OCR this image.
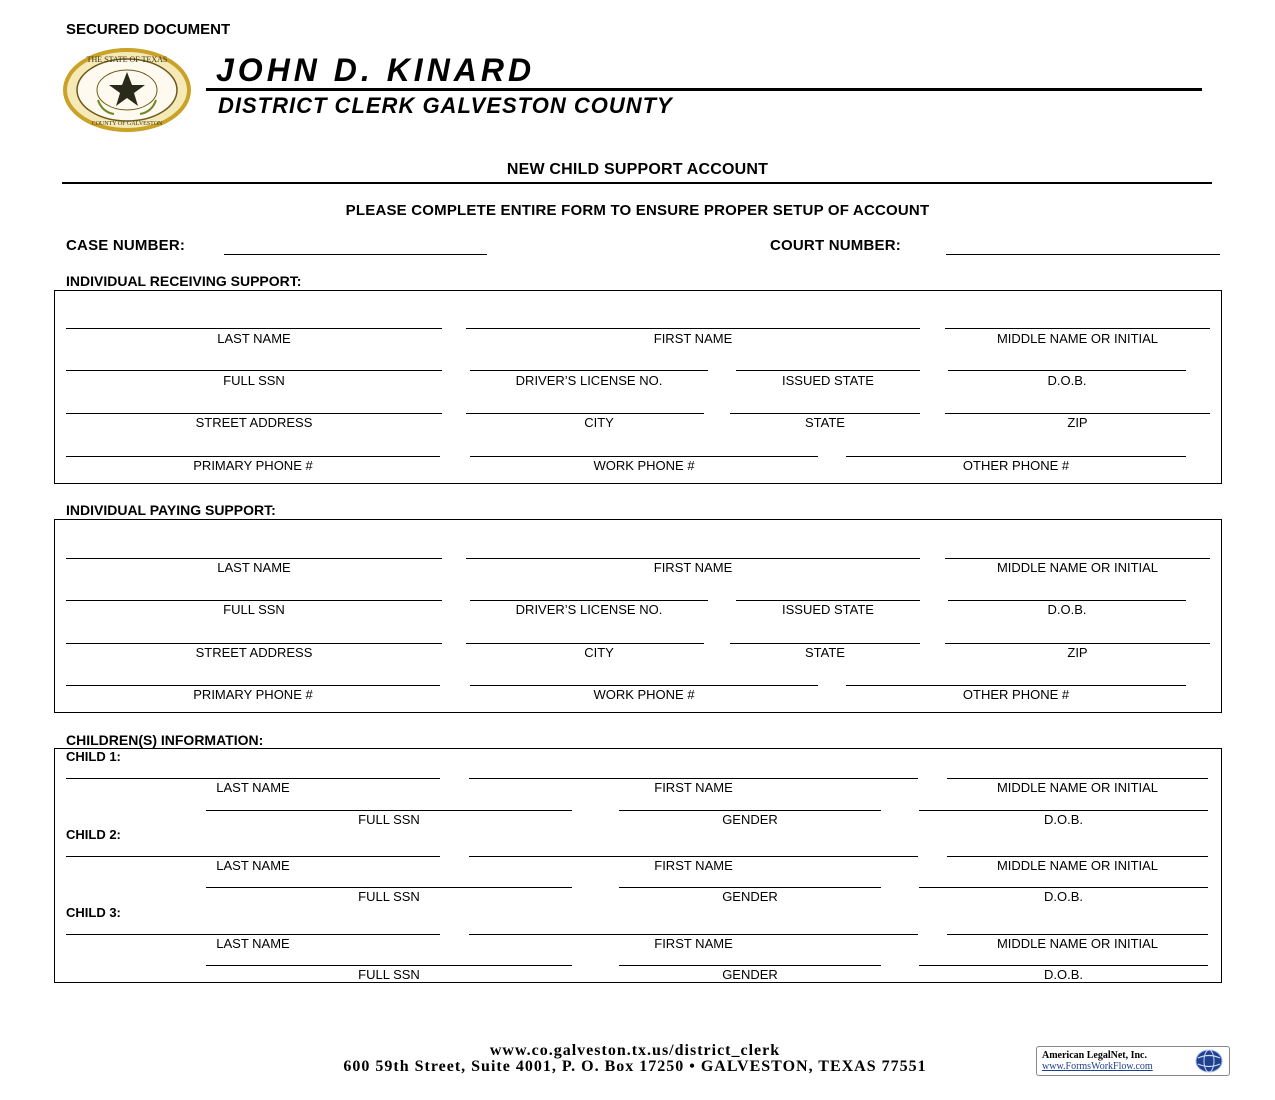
SECURED DOCUMENT
THE STATE OF TEXAS
COUNTY OF GALVESTON
JOHN D. KINARD
DISTRICT CLERK GALVESTON COUNTY
NEW CHILD SUPPORT ACCOUNT
PLEASE COMPLETE ENTIRE FORM TO ENSURE PROPER SETUP OF ACCOUNT
CASE NUMBER:	COURT NUMBER:
INDIVIDUAL RECEIVING SUPPORT:
LAST NAME	FIRST NAME	MIDDLE NAME OR INITIAL
FULL SSN	DRIVER’S LICENSE NO.	ISSUED STATE	D.O.B.
STREET ADDRESS	CITY	STATE	ZIP
PRIMARY PHONE #	WORK PHONE #	OTHER PHONE #
INDIVIDUAL PAYING SUPPORT:
LAST NAME	FIRST NAME	MIDDLE NAME OR INITIAL
FULL SSN	DRIVER’S LICENSE NO.	ISSUED STATE	D.O.B.
STREET ADDRESS	CITY	STATE	ZIP
PRIMARY PHONE #	WORK PHONE #	OTHER PHONE #
CHILDREN(S) INFORMATION:
CHILD 1:
LAST NAME	FIRST NAME	MIDDLE NAME OR INITIAL
FULL SSN	GENDER	D.O.B.
CHILD 2:
LAST NAME	FIRST NAME	MIDDLE NAME OR INITIAL
FULL SSN	GENDER	D.O.B.
CHILD 3:
LAST NAME	FIRST NAME	MIDDLE NAME OR INITIAL
FULL SSN	GENDER	D.O.B.
www.co.galveston.tx.us/district_clerk
600 59th Street, Suite 4001, P. O. Box 17250 • GALVESTON, TEXAS 77551
American LegalNet, Inc.
www.FormsWorkFlow.com
